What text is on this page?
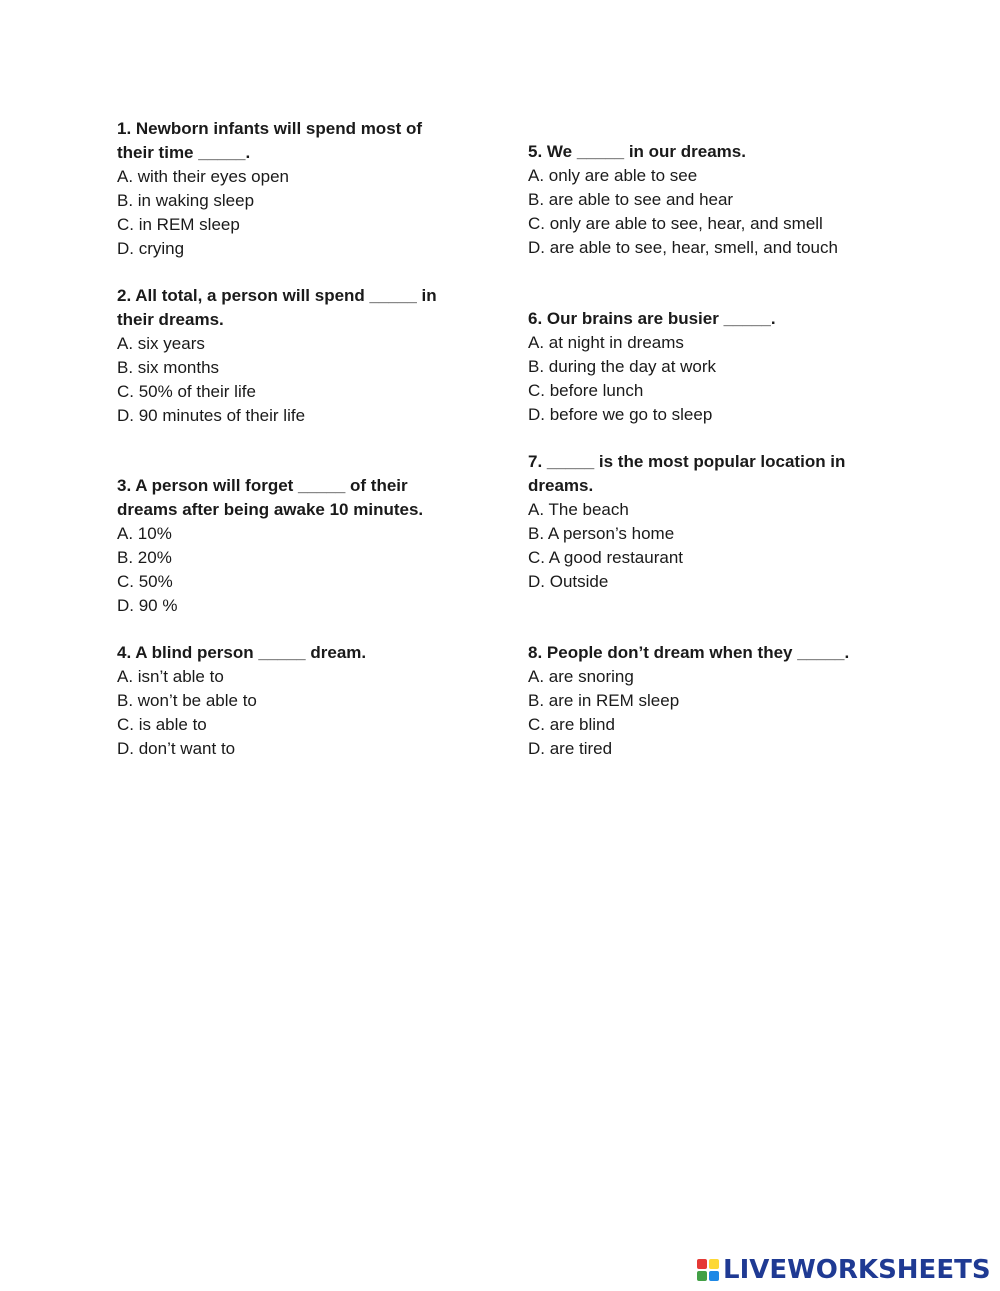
1. Newborn infants will spend most of their time _____.
A. with their eyes open
B. in waking sleep
C. in REM sleep
D. crying
2. All total, a person will spend _____ in their dreams.
A. six years
B. six months
C. 50% of their life
D. 90 minutes of their life
3. A person will forget _____ of their dreams after being awake 10 minutes.
A. 10%
B. 20%
C. 50%
D. 90 %
4. A blind person _____ dream.
A. isn’t able to
B. won’t be able to
C. is able to
D. don’t want to
5. We _____ in our dreams.
A. only are able to see
B. are able to see and hear
C. only are able to see, hear, and smell
D. are able to see, hear, smell, and touch
6. Our brains are busier _____.
A. at night in dreams
B. during the day at work
C. before lunch
D. before we go to sleep
7. _____ is the most popular location in dreams.
A. The beach
B. A person’s home
C. A good restaurant
D. Outside
8. People don’t dream when they _____.
A. are snoring
B. are in REM sleep
C. are blind
D. are tired
LIVEWORKSHEETS
